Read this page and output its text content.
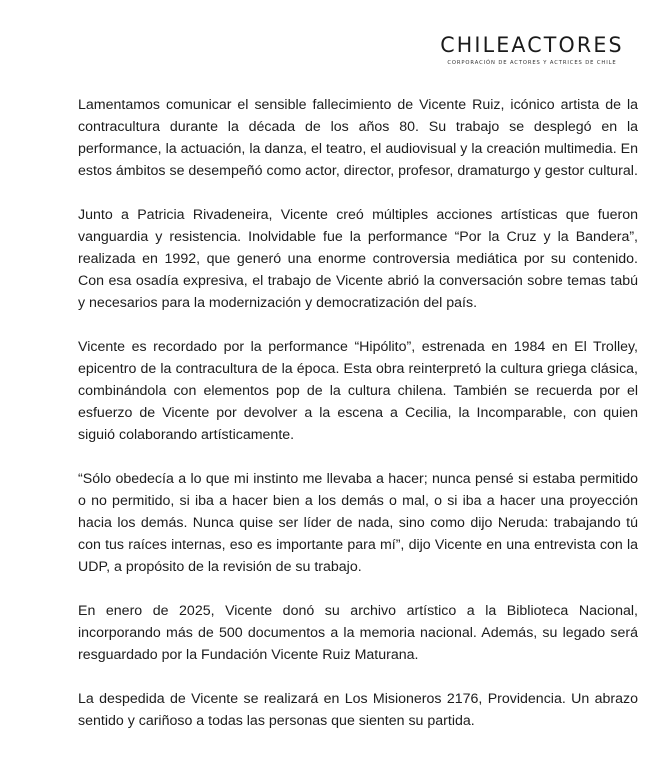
CHILEACTORES
CORPORACIÓN DE ACTORES Y ACTRICES DE CHILE

Lamentamos comunicar el sensible fallecimiento de Vicente Ruiz, icónico artista de la contracultura durante la década de los años 80. Su trabajo se desplegó en la performance, la actuación, la danza, el teatro, el audiovisual y la creación multimedia. En estos ámbitos se desempeñó como actor, director, profesor, dramaturgo y gestor cultural.

Junto a Patricia Rivadeneira, Vicente creó múltiples acciones artísticas que fueron vanguardia y resistencia. Inolvidable fue la performance “Por la Cruz y la Bandera”, realizada en 1992, que generó una enorme controversia mediática por su contenido. Con esa osadía expresiva, el trabajo de Vicente abrió la conversación sobre temas tabú y necesarios para la modernización y democratización del país.

Vicente es recordado por la performance “Hipólito”, estrenada en 1984 en El Trolley, epicentro de la contracultura de la época. Esta obra reinterpretó la cultura griega clásica, combinándola con elementos pop de la cultura chilena. También se recuerda por el esfuerzo de Vicente por devolver a la escena a Cecilia, la Incomparable, con quien siguió colaborando artísticamente.

“Sólo obedecía a lo que mi instinto me llevaba a hacer; nunca pensé si estaba permitido o no permitido, si iba a hacer bien a los demás o mal, o si iba a hacer una proyección hacia los demás. Nunca quise ser líder de nada, sino como dijo Neruda: trabajando tú con tus raíces internas, eso es importante para mí”, dijo Vicente en una entrevista con la UDP, a propósito de la revisión de su trabajo.

En enero de 2025, Vicente donó su archivo artístico a la Biblioteca Nacional, incorporando más de 500 documentos a la memoria nacional. Además, su legado será resguardado por la Fundación Vicente Ruiz Maturana.

La despedida de Vicente se realizará en Los Misioneros 2176, Providencia. Un abrazo sentido y cariñoso a todas las personas que sienten su partida.
